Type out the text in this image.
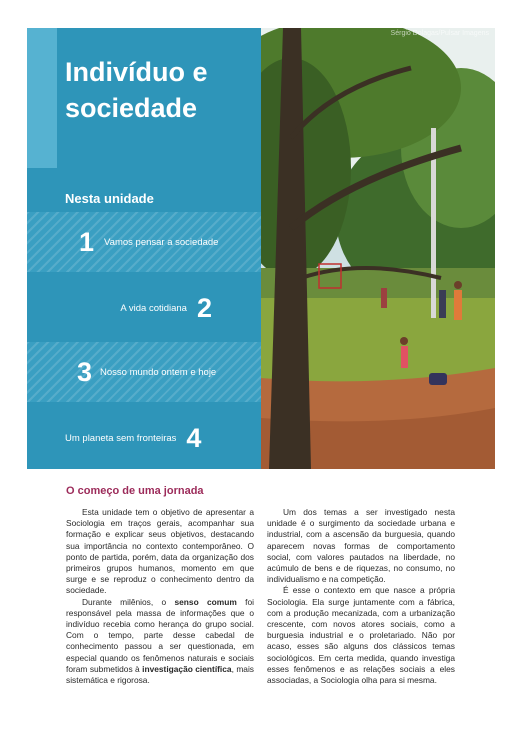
Indivíduo e
sociedade
Nesta unidade
1 Vamos pensar a sociedade
A vida cotidiana 2
3 Nosso mundo ontem e hoje
Um planeta sem fronteiras 4
Sérgio Dolagas/Pulsar Imagens
O começo de uma jornada

Esta unidade tem o objetivo de apresentar a Sociologia em traços gerais, acompanhar sua formação e explicar seus objetivos, destacando sua importância no contexto contemporâneo. O ponto de partida, porém, data da organização dos primeiros grupos humanos, momento em que surge e se reproduz o conhecimento dentro da sociedade.

Durante milênios, o senso comum foi responsável pela massa de informações que o indivíduo recebia como herança do grupo social. Com o tempo, parte desse cabedal de conhecimento passou a ser questionada, em especial quando os fenômenos naturais e sociais foram submetidos à investigação científica, mais sistemática e rigorosa.

Um dos temas a ser investigado nesta unidade é o surgimento da sociedade urbana e industrial, com a ascensão da burguesia, quando aparecem novas formas de comportamento social, com valores pautados na liberdade, no acúmulo de bens e de riquezas, no consumo, no individualismo e na competição.

É esse o contexto em que nasce a própria Sociologia. Ela surge juntamente com a fábrica, com a produção mecanizada, com a urbanização crescente, com novos atores sociais, como a burguesia industrial e o proletariado. Não por acaso, esses são alguns dos clássicos temas sociológicos. Em certa medida, quando investiga esses fenômenos e as relações sociais a eles associadas, a Sociologia olha para si mesma.
